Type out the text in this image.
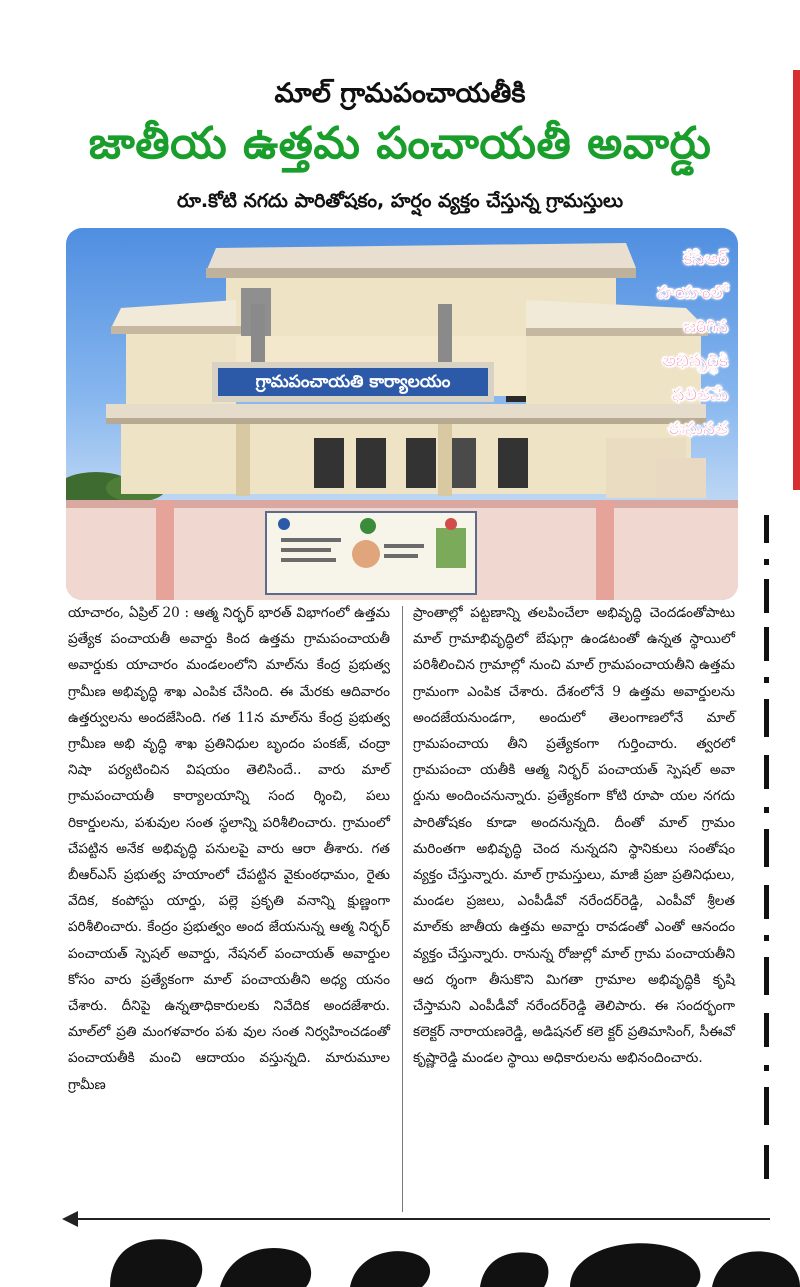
మాల్‌ గ్రామపంచాయతీకి
జాతీయ ఉత్తమ పంచాయతీ అవార్డు
రూ.కోటి నగదు పారితోషకం, హర్షం వ్యక్తం చేస్తున్న గ్రామస్తులు
గ్రామపంచాయతి కార్యాలయం
కేసీఆర్‌
హయాంలో
జరిగిన
అభివృద్ధికి
ఫలితమే
ఈఘనత
యాచారం, ఏప్రిల్‌ 20 : ఆత్మ నిర్భర్‌ భారత్‌ విభాగంలో ఉత్తమ ప్రత్యేక పంచాయతీ అవార్డు కింద ఉత్తమ గ్రామపంచాయతీ అవార్డుకు యాచారం మండలంలోని మాల్‌ను కేంద్ర ప్రభుత్వ గ్రామీణ అభివృద్ధి శాఖ ఎంపిక చేసింది. ఈ మేరకు ఆదివారం ఉత్తర్వులను అందజేసింది. గత 11న మాల్‌ను కేంద్ర ప్రభుత్వ గ్రామీణ అభి వృద్ధి శాఖ ప్రతినిధుల బృందం పంకజ్‌, చంద్రా నిషా పర్యటించిన విషయం తెలిసిందే.. వారు మాల్‌ గ్రామపంచాయతీ కార్యాలయాన్ని సంద ర్శించి, పలు రికార్డులను, పశువుల సంత స్థలాన్ని పరిశీలించారు. గ్రామంలో చేపట్టిన అనేక అభివృద్ధి పనులపై వారు ఆరా తీశారు. గత బీఆర్‌ఎస్‌ ప్రభుత్వ హయాంలో చేపట్టిన వైకుంఠధామం, రైతు వేదిక, కంపోస్టు యార్డు, పల్లె ప్రకృతి వనాన్ని క్షుణ్ణంగా పరిశీలించారు. కేంద్రం ప్రభుత్వం అంద జేయనున్న ఆత్మ నిర్భర్‌ పంచాయత్‌ స్పెషల్‌ అవార్డు, నేషనల్‌ పంచాయత్‌ అవార్డుల కోసం వారు ప్రత్యేకంగా మాల్‌ పంచాయతీని అధ్య యనం చేశారు. దీనిపై ఉన్నతాధికారులకు నివేదిక అందజేశారు. మాల్‌లో ప్రతి మంగళవారం పశు వుల సంత నిర్వహించడంతో పంచాయతీకి మంచి ఆదాయం వస్తున్నది. మారుమూల గ్రామీణ
ప్రాంతాల్లో పట్టణాన్ని తలపించేలా అభివృద్ధి చెందడంతోపాటు మాల్‌ గ్రామాభివృద్ధిలో బేషుగ్గా ఉండటంతో ఉన్నత స్థాయిలో పరిశీలించిన గ్రామాల్లో నుంచి మాల్‌ గ్రామపంచాయతీని ఉత్తమ గ్రామంగా ఎంపిక చేశారు. దేశంలోనే 9 ఉత్తమ అవార్డులను అందజేయనుండగా, అందులో తెలంగాణలోనే మాల్‌ గ్రామపంచాయ తీని ప్రత్యేకంగా గుర్తించారు. త్వరలో గ్రామపంచా యతీకి ఆత్మ నిర్భర్‌ పంచాయత్‌ స్పెషల్‌ అవా ర్డును అందించనున్నారు. ప్రత్యేకంగా కోటి రూపా యల నగదు పారితోషకం కూడా అందనున్నది. దీంతో మాల్‌ గ్రామం మరింతగా అభివృద్ధి చెంద నున్నదని స్థానికులు సంతోషం వ్యక్తం చేస్తున్నారు. మాల్‌ గ్రామస్తులు, మాజీ ప్రజా ప్రతినిధులు, మండల ప్రజలు, ఎంపీడీవో నరేందర్‌రెడ్డి, ఎంపీవో శ్రీలత మాల్‌కు జాతీయ ఉత్తమ అవార్డు రావడంతో ఎంతో ఆనందం వ్యక్తం చేస్తున్నారు. రానున్న రోజుల్లో మాల్‌ గ్రామ పంచాయతీని ఆద ర్శంగా తీసుకొని మిగతా గ్రామాల అభివృద్ధికి కృషి చేస్తామని ఎంపీడీవో నరేందర్‌రెడ్డి తెలిపారు. ఈ సందర్భంగా కలెక్టర్‌ నారాయణరెడ్డి, అడిషనల్‌ కలె క్టర్‌ ప్రతిమాసింగ్‌, సీఈవో కృష్ణారెడ్డి మండల స్థాయి అధికారులను అభినందించారు.
